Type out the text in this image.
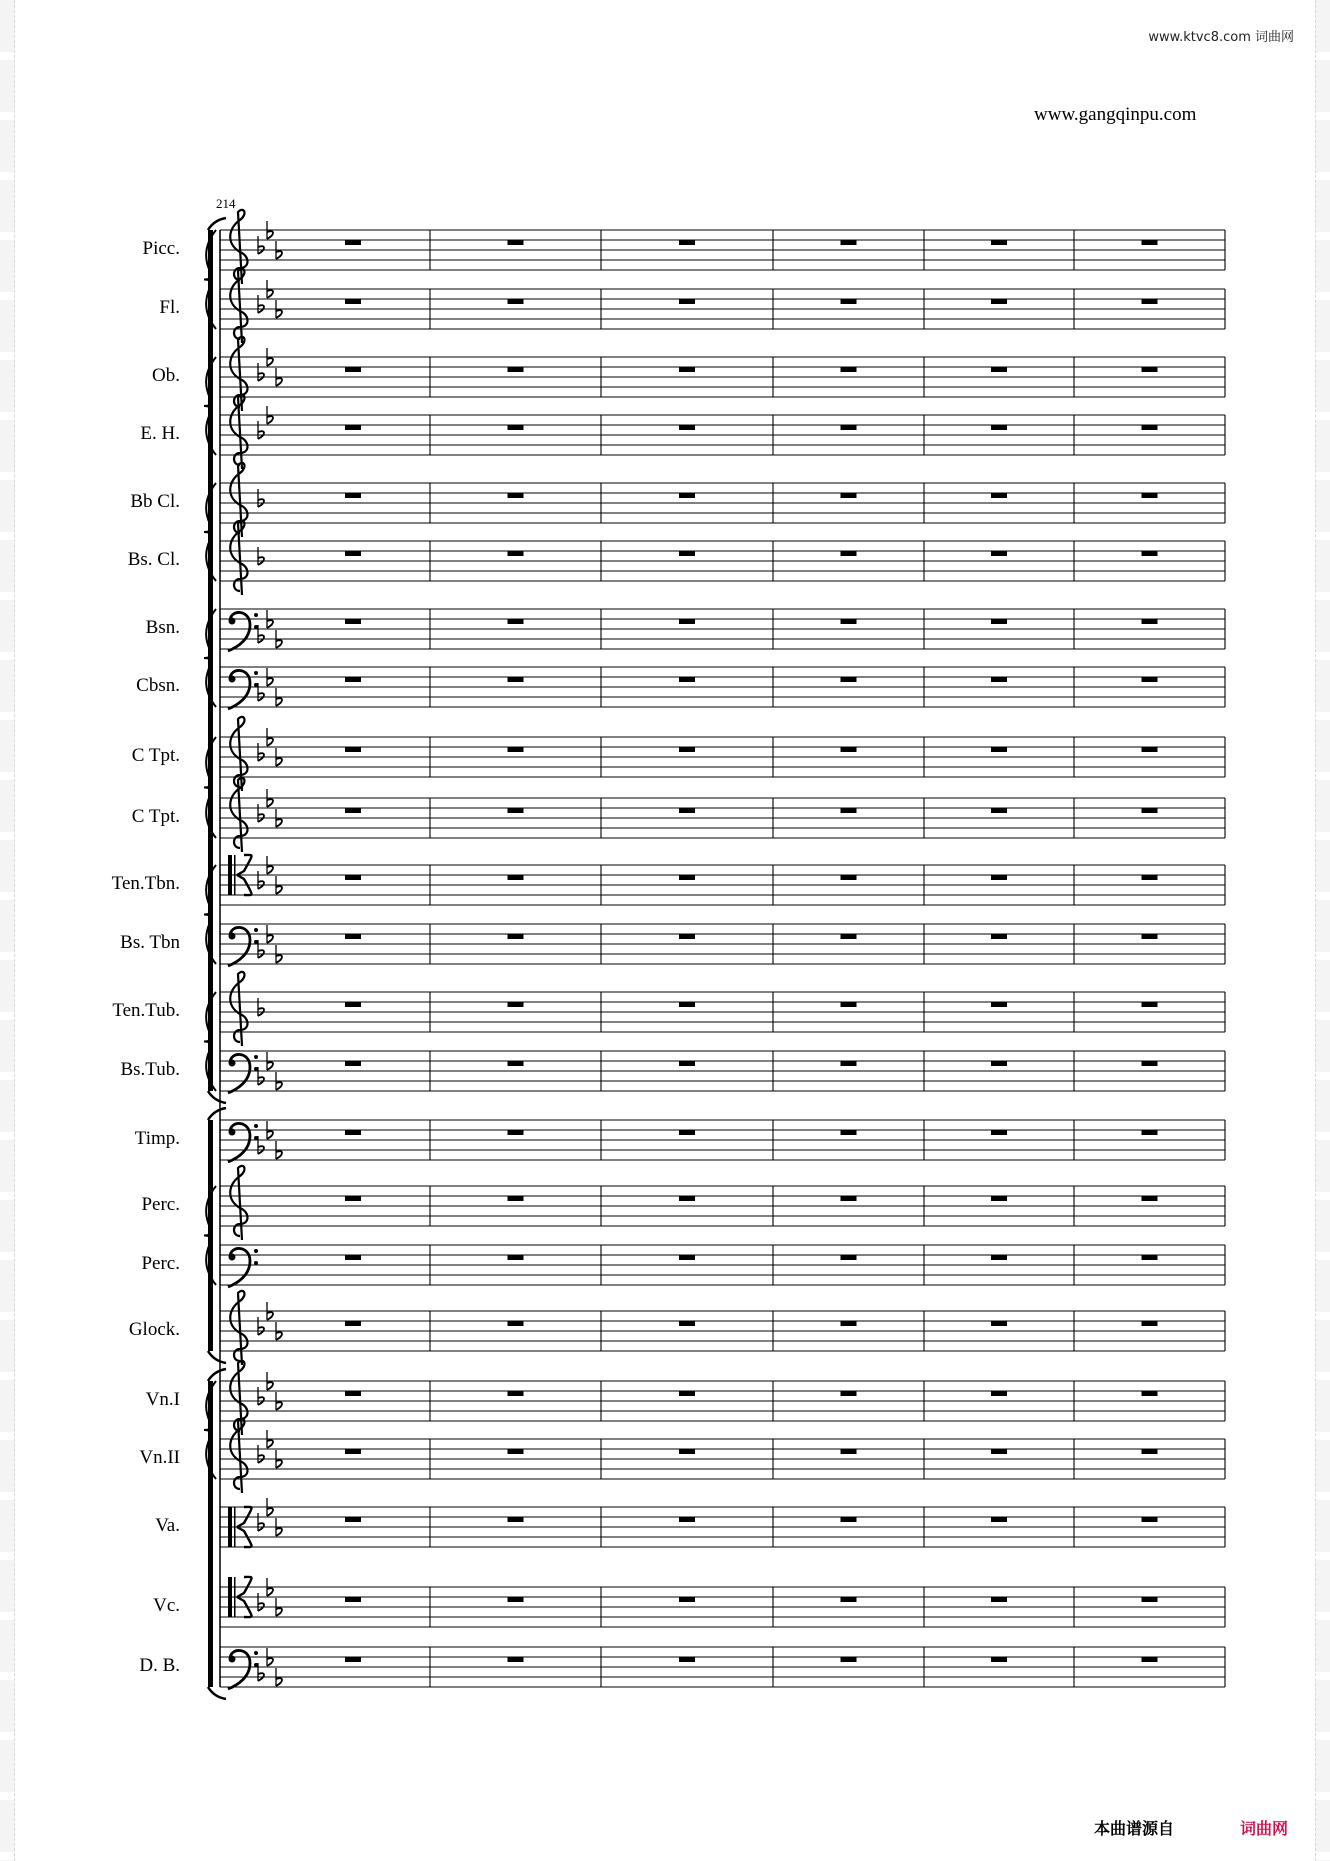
www.ktvc8.com 词曲网
www.gangqinpu.com
214
Picc.
Fl.
Ob.
E. H.
Bb Cl.
Bs. Cl.
Bsn.
Cbsn.
C Tpt.
C Tpt.
Ten.Tbn.
Bs. Tbn
Ten.Tub.
Bs.Tub.
Timp.
Perc.
Perc.
Glock.
Vn.I
Vn.II
Va.
Vc.
D. B.
本曲谱源自	词曲网
